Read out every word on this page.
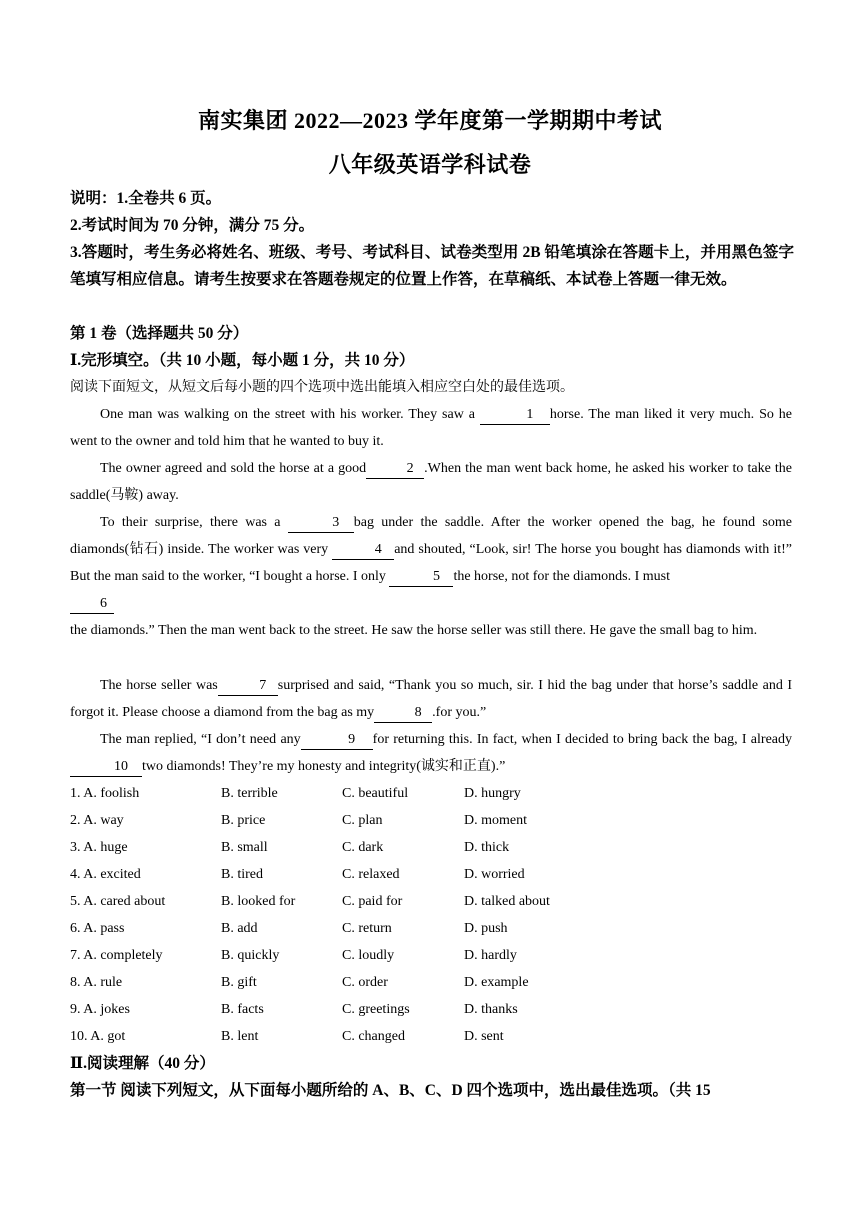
南实集团 2022—2023 学年度第一学期期中考试
八年级英语学科试卷
说明：1.全卷共 6 页。
2.考试时间为 70 分钟，满分 75 分。
3.答题时，考生务必将姓名、班级、考号、考试科目、试卷类型用 2B 铅笔填涂在答题卡上，并用黑色签字笔填写相应信息。请考生按要求在答题卷规定的位置上作答，在草稿纸、本试卷上答题一律无效。
第 1 卷（选择题共 50 分）
Ⅰ.完形填空。（共 10 小题，每小题 1 分，共 10 分）
阅读下面短文，从短文后每小题的四个选项中选出能填入相应空白处的最佳选项。
One man was walking on the street with his worker. They saw a	1 horse. The man liked it very much. So he went to the owner and told him that he wanted to buy it.
The owner agreed and sold the horse at a good	2 .When the man went back home, he asked his worker to take the saddle(马鞍) away.
To their surprise, there was a	3 bag under the saddle. After the worker opened the bag, he found some diamonds(钻石) inside. The worker was very	4 and shouted, “Look, sir! The horse you bought has diamonds with it!” But the man said to the worker, “I bought a horse. I only	5 the horse, not for the diamonds. I must
6
the diamonds.” Then the man went back to the street. He saw the horse seller was still there. He gave the small bag to him.
The horse seller was	7 surprised and said, “Thank you so much, sir. I hid the bag under that horse’s saddle and I forgot it. Please choose a diamond from the bag as my	8 .for you.”
The man replied, “I don’t need any	9 for returning this. In fact, when I decided to bring back the bag, I already10 two diamonds! They’re my honesty and integrity(诚实和正直).”
1. A. foolish	B. terrible	C. beautiful	D. hungry
2. A. way	B. price	C. plan	D. moment
3. A. huge	B. small	C. dark	D. thick
4. A. excited	B. tired	C. relaxed	D. worried
5. A. cared about	B. looked for	C. paid for	D. talked about
6. A. pass	B. add	C. return	D. push
7. A. completely	B. quickly	C. loudly	D. hardly
8. A. rule	B. gift	C. order	D. example
9. A. jokes	B. facts	C. greetings	D. thanks
10. A. got	B. lent	C. changed	D. sent
Ⅱ.阅读理解（40 分）
第一节 阅读下列短文，从下面每小题所给的 A、B、C、D 四个选项中，选出最佳选项。（共 15
